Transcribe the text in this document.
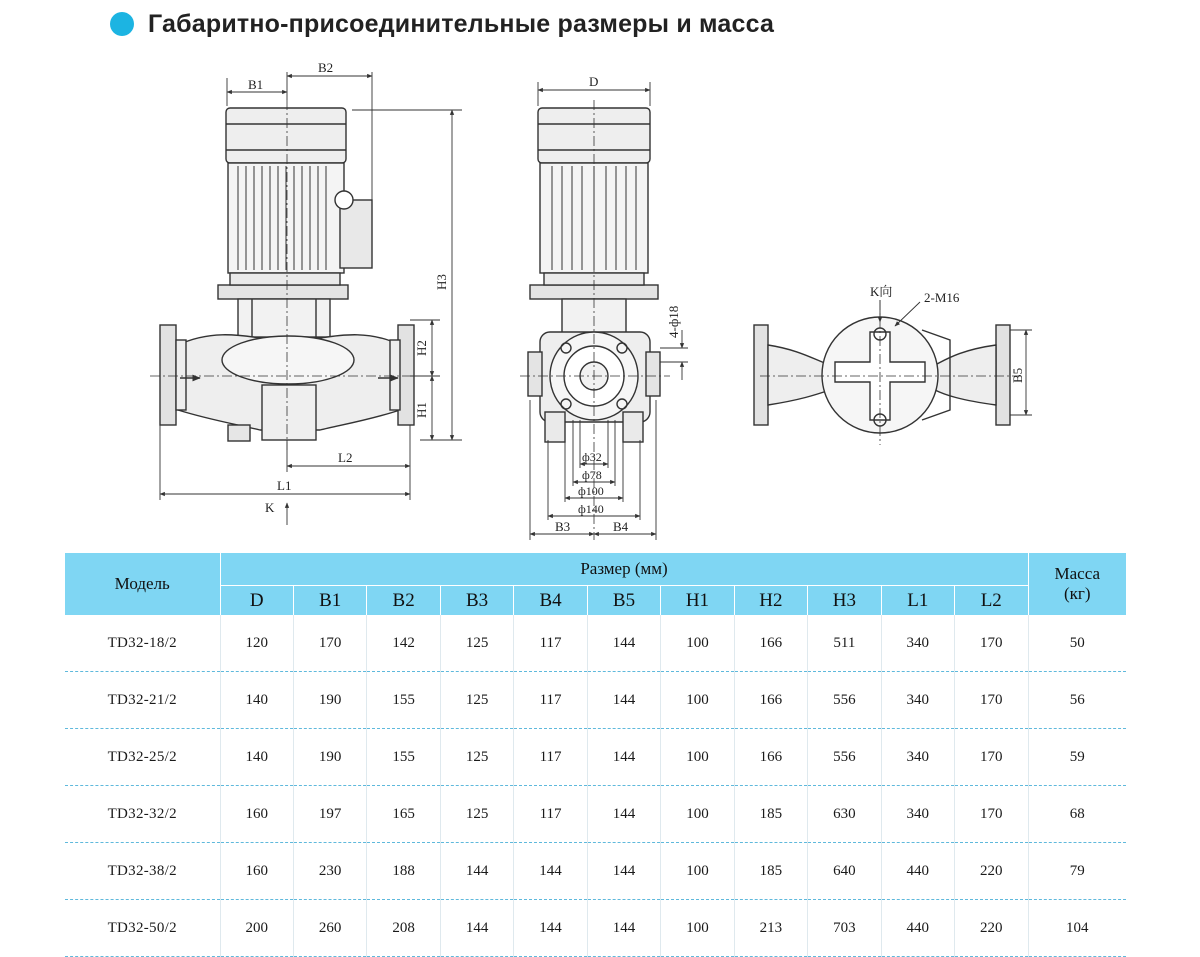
Габаритно-присоединительные размеры и масса
B1
B2
H3
H2
H1
L2
L1
K
D
4-ф18
ф32
ф78
ф100
ф140
B3	B4
K向 2-M16
B5
Модель	Размер (мм)											Масса
(кг)

	D	B1	B2	B3	B4	B5	H1	H2	H3	L1	L2	
TD32-18/2	120	170	142	125	117	144	100	166	511	340	170	50
TD32-21/2	140	190	155	125	117	144	100	166	556	340	170	56
TD32-25/2	140	190	155	125	117	144	100	166	556	340	170	59
TD32-32/2	160	197	165	125	117	144	100	185	630	340	170	68
TD32-38/2	160	230	188	144	144	144	100	185	640	440	220	79
TD32-50/2	200	260	208	144	144	144	100	213	703	440	220	104
